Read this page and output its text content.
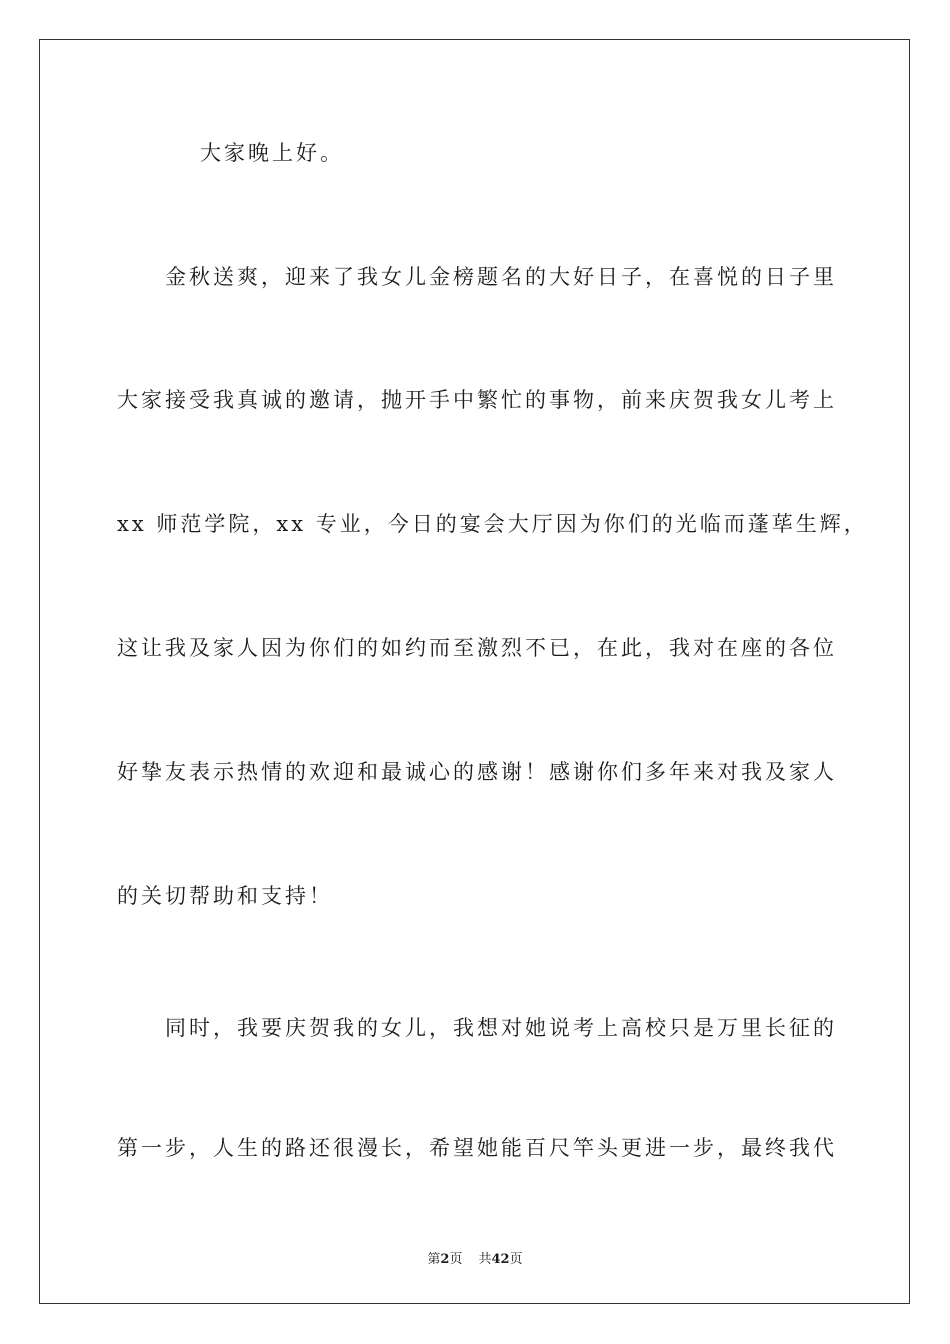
大家晚上好。
金秋送爽，迎来了我女儿金榜题名的大好日子，在喜悦的日子里
大家接受我真诚的邀请，抛开手中繁忙的事物，前来庆贺我女儿考上
xx 师范学院，xx 专业，今日的宴会大厅因为你们的光临而蓬荜生辉，
这让我及家人因为你们的如约而至激烈不已，在此，我对在座的各位
好挚友表示热情的欢迎和最诚心的感谢！感谢你们多年来对我及家人
的关切帮助和支持！
同时，我要庆贺我的女儿，我想对她说考上高校只是万里长征的
第一步，人生的路还很漫长，希望她能百尺竿头更进一步，最终我代
第2页 共42页
